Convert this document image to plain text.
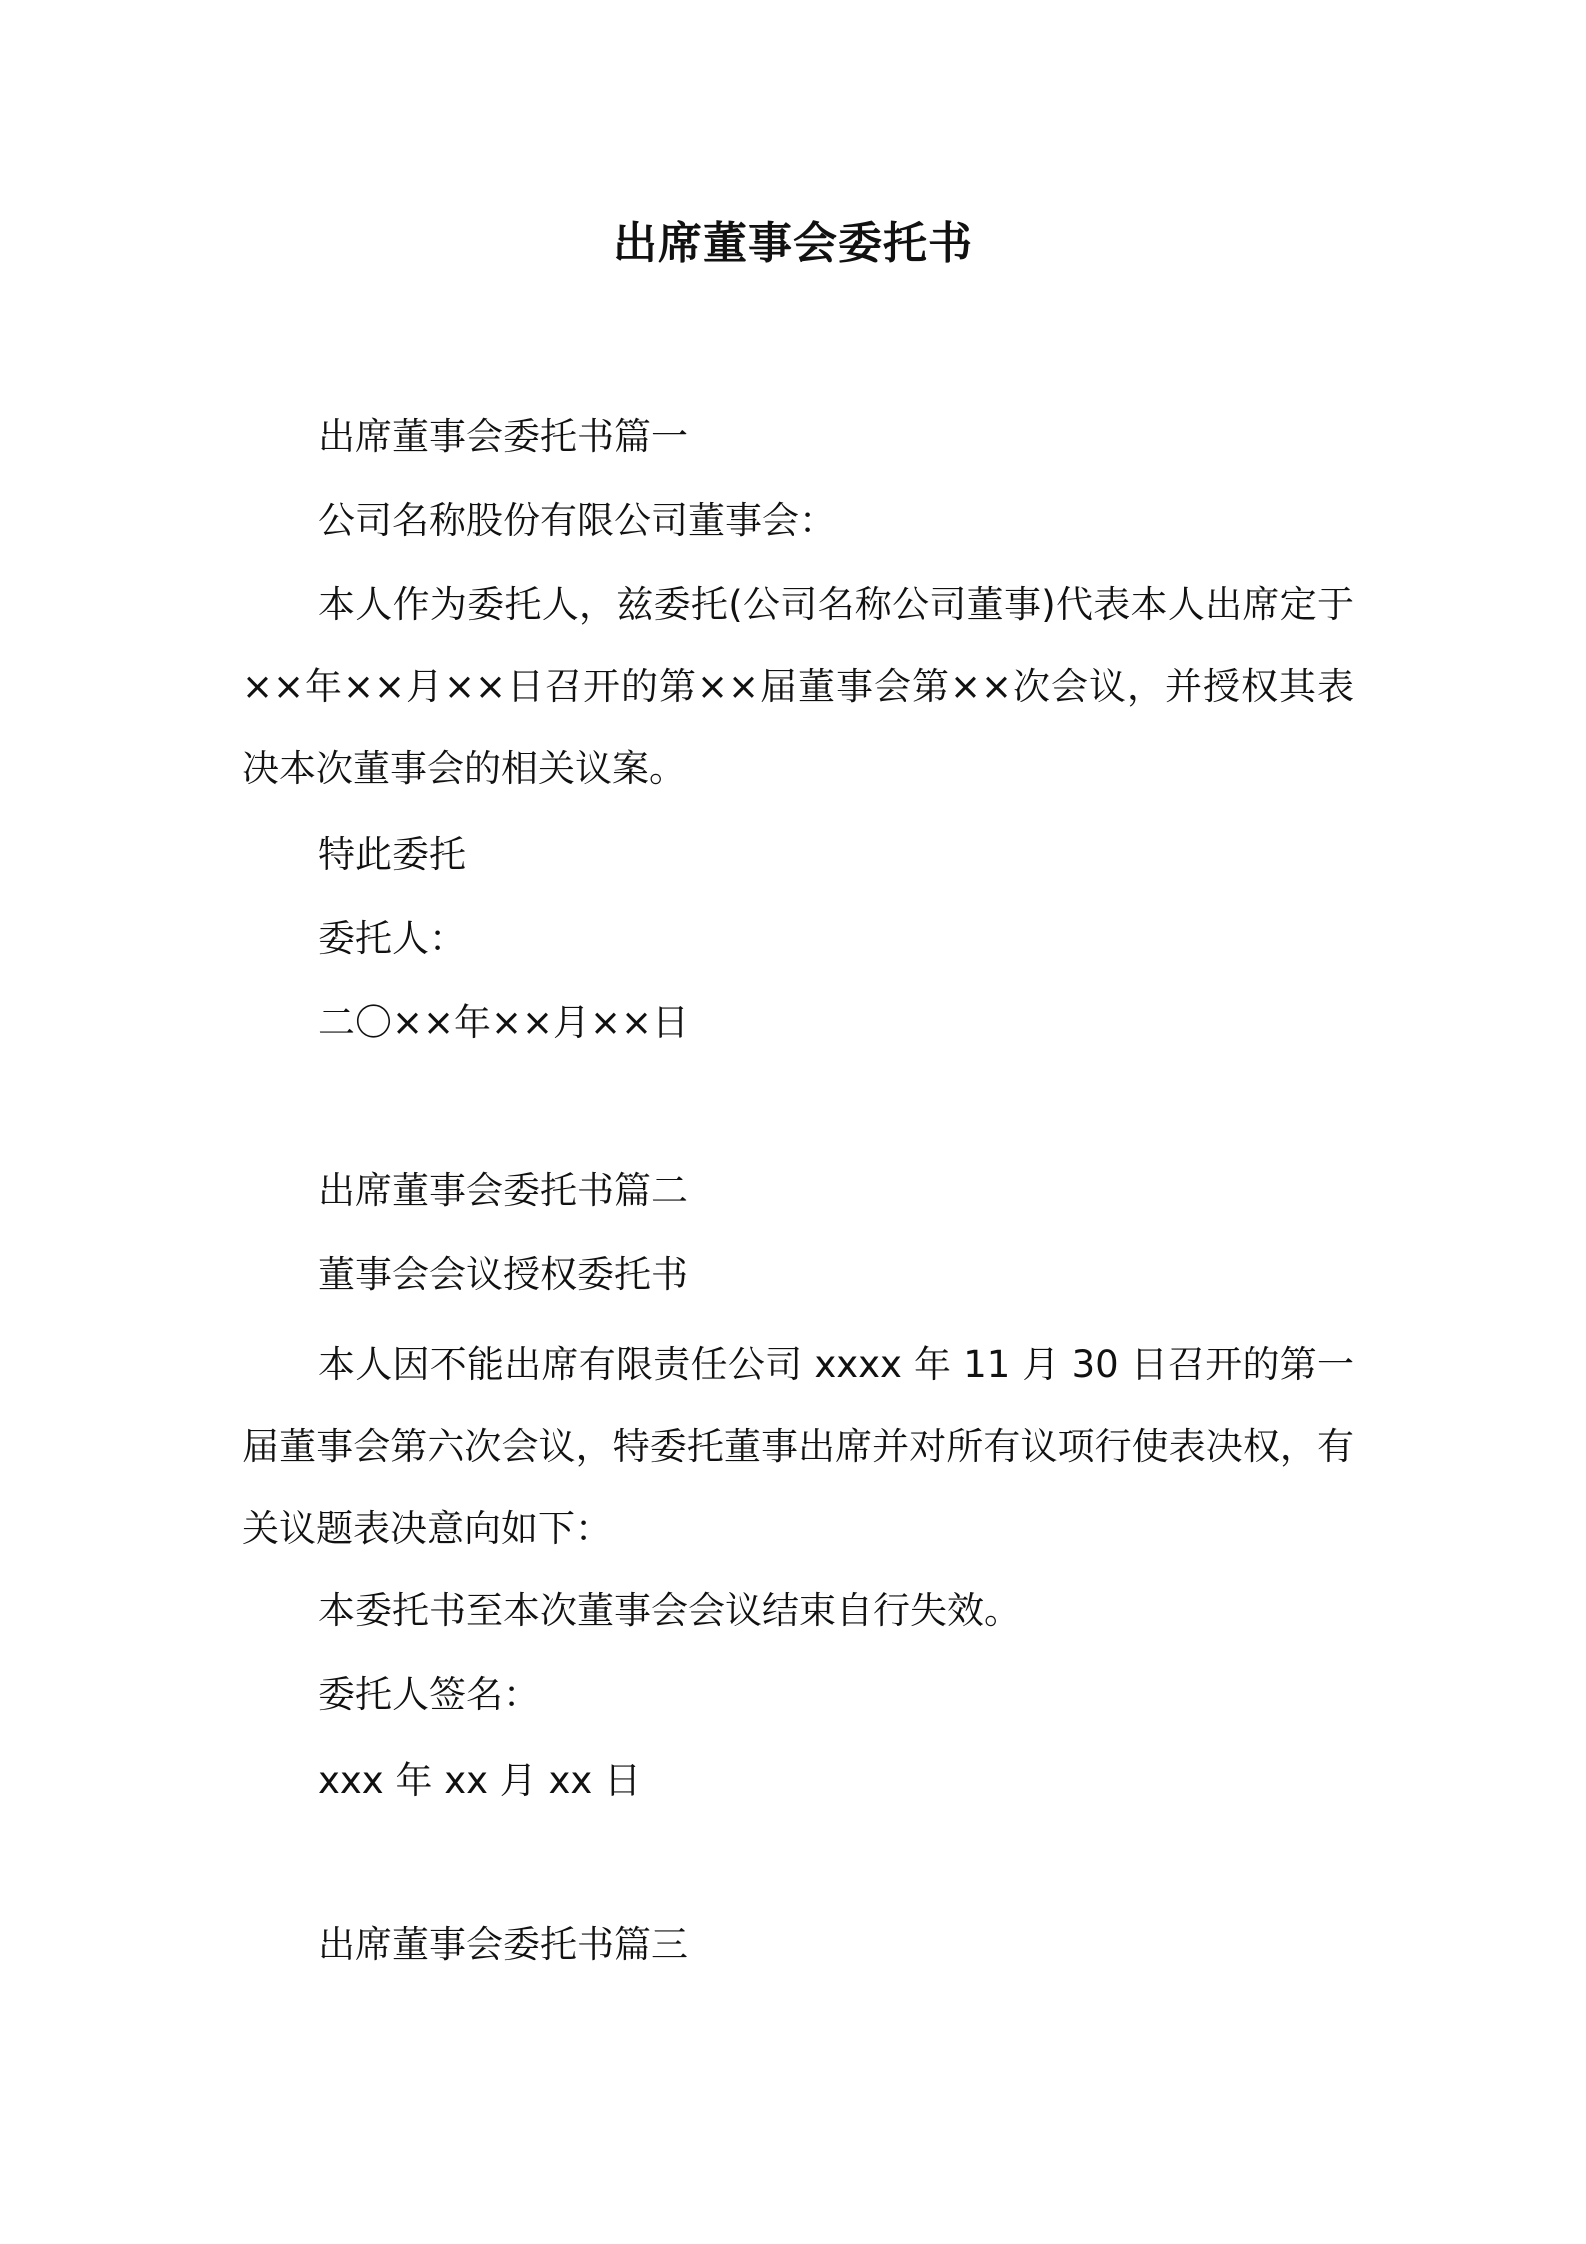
出席董事会委托书
出席董事会委托书篇一
公司名称股份有限公司董事会：
本人作为委托人，兹委托(公司名称公司董事)代表本人出席定于××年××月××日召开的第××届董事会第××次会议，并授权其表决本次董事会的相关议案。
特此委托
委托人：
二〇××年××月××日
出席董事会委托书篇二
董事会会议授权委托书
本人因不能出席有限责任公司 xxxx 年 11 月 30 日召开的第一届董事会第六次会议，特委托董事出席并对所有议项行使表决权，有关议题表决意向如下：
本委托书至本次董事会会议结束自行失效。
委托人签名：
xxx 年 xx 月 xx 日
出席董事会委托书篇三
